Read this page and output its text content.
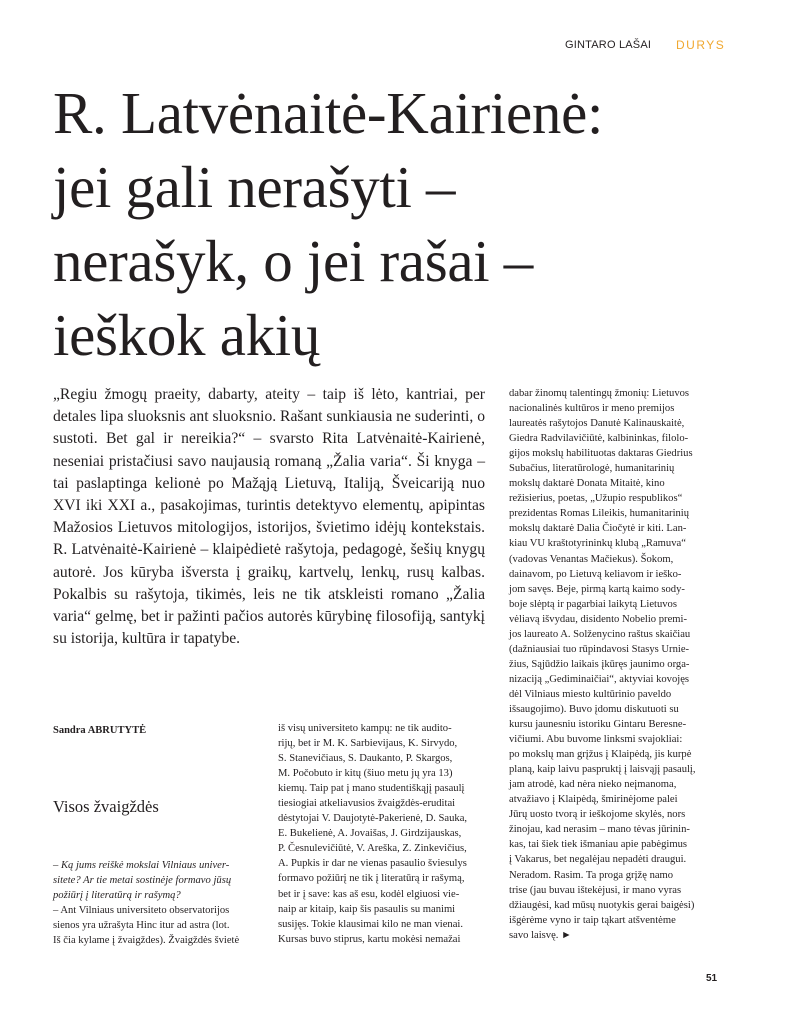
GINTARO LAŠAI DURYS
R. Latvėnaitė-Kairienė:
jei gali nerašyti –
nerašyk, o jei rašai –
ieškok akių

„Regiu žmogų praeity, dabarty, ateity – taip iš lėto, kantriai, per detales lipa sluoksnis ant sluoksnio. Rašant sunkiausia ne suderinti, o sustoti. Bet gal ir nereikia?“ – svarsto Rita Latvėnaitė-Kairienė, neseniai pristačiusi savo naujausią romaną „Žalia varia“. Ši knyga – tai paslaptinga kelionė po Mažąją Lietuvą, Italiją, Šveicariją nuo XVI iki XXI a., pasakojimas, turintis detektyvo elementų, apipintas Mažosios Lietuvos mitologijos, istorijos, švietimo idėjų kontekstais. R. Latvėnaitė-Kairienė – klaipėdietė rašytoja, pedagogė, šešių knygų autorė. Jos kūryba išversta į graikų, kartvelų, lenkų, rusų kalbas. Pokalbis su rašytoja, tikimės, leis ne tik atskleisti romano „Žalia varia“ gelmę, bet ir pažinti pačios autorės kūrybinę filosofiją, santykį su istorija, kultūra ir tapatybe.

Sandra ABRUTYTĖ
Visos žvaigždės
– Ką jums reiškė mokslai Vilniaus univer-
sitete? Ar tie metai sostinėje formavo jūsų
požiūrį į literatūrą ir rašymą?
– Ant Vilniaus universiteto observatorijos
sienos yra užrašyta Hinc itur ad astra (lot.
Iš čia kylame į žvaigždes). Žvaigždės švietė
iš visų universiteto kampų: ne tik audito-
rijų, bet ir M. K. Sarbievijaus, K. Sirvydo,
S. Stanevičiaus, S. Daukanto, P. Skargos,
M. Počobuto ir kitų (šiuo metu jų yra 13)
kiemų. Taip pat į mano studentiškąjį pasaulį
tiesiogiai atkeliavusios žvaigždės-eruditai
dėstytojai V. Daujotytė-Pakerienė, D. Sauka,
E. Bukelienė, A. Jovaišas, J. Girdzijauskas,
P. Česnulevičiūtė, V. Areška, Z. Zinkevičius,
A. Pupkis ir dar ne vienas pasaulio šviesulys
formavo požiūrį ne tik į literatūrą ir rašymą,
bet ir į save: kas aš esu, kodėl elgiuosi vie-
naip ar kitaip, kaip šis pasaulis su manimi
susijęs. Tokie klausimai kilo ne man vienai.
Kursas buvo stiprus, kartu mokėsi nemažai
dabar žinomų talentingų žmonių: Lietuvos
nacionalinės kultūros ir meno premijos
laureatės rašytojos Danutė Kalinauskaitė,
Giedra Radvilavičiūtė, kalbininkas, filolo-
gijos mokslų habilituotas daktaras Giedrius
Subačius, literatūrologė, humanitarinių
mokslų daktarė Donata Mitaitė, kino
režisierius, poetas, „Užupio respublikos“
prezidentas Romas Lileikis, humanitarinių
mokslų daktarė Dalia Čiočytė ir kiti. Lan-
kiau VU kraštotyrininkų klubą „Ramuva“
(vadovas Venantas Mačiekus). Šokom,
dainavom, po Lietuvą keliavom ir ieško-
jom savęs. Beje, pirmą kartą kaimo sody-
boje slėptą ir pagarbiai laikytą Lietuvos
vėliavą išvydau, disidento Nobelio premi-
jos laureato A. Solženycino raštus skaičiau
(dažniausiai tuo rūpindavosi Stasys Urnie-
žius, Sąjūdžio laikais įkūręs jaunimo orga-
nizaciją „Gediminaičiai“, aktyviai kovojęs
dėl Vilniaus miesto kultūrinio paveldo
išsaugojimo). Buvo įdomu diskutuoti su
kursu jaunesniu istoriku Gintaru Beresne-
vičiumi. Abu buvome linksmi svajokliai:
po mokslų man grįžus į Klaipėdą, jis kurpė
planą, kaip laivu paspruktį į laisvąjį pasaulį,
jam atrodė, kad nėra nieko neįmanoma,
atvažiavo į Klaipėdą, šmirinėjome palei
Jūrų uosto tvorą ir ieškojome skylės, nors
žinojau, kad nerasim – mano tėvas jūrinin-
kas, tai šiek tiek išmaniau apie pabėgimus
į Vakarus, bet negalėjau nepadėti draugui.
Neradom. Rasim. Ta proga grįžę namo
trise (jau buvau ištekėjusi, ir mano vyras
džiaugėsi, kad mūsų nuotykis gerai baigėsi)
išgėrėme vyno ir taip tąkart atšventėme
savo laisvę. ►
51
